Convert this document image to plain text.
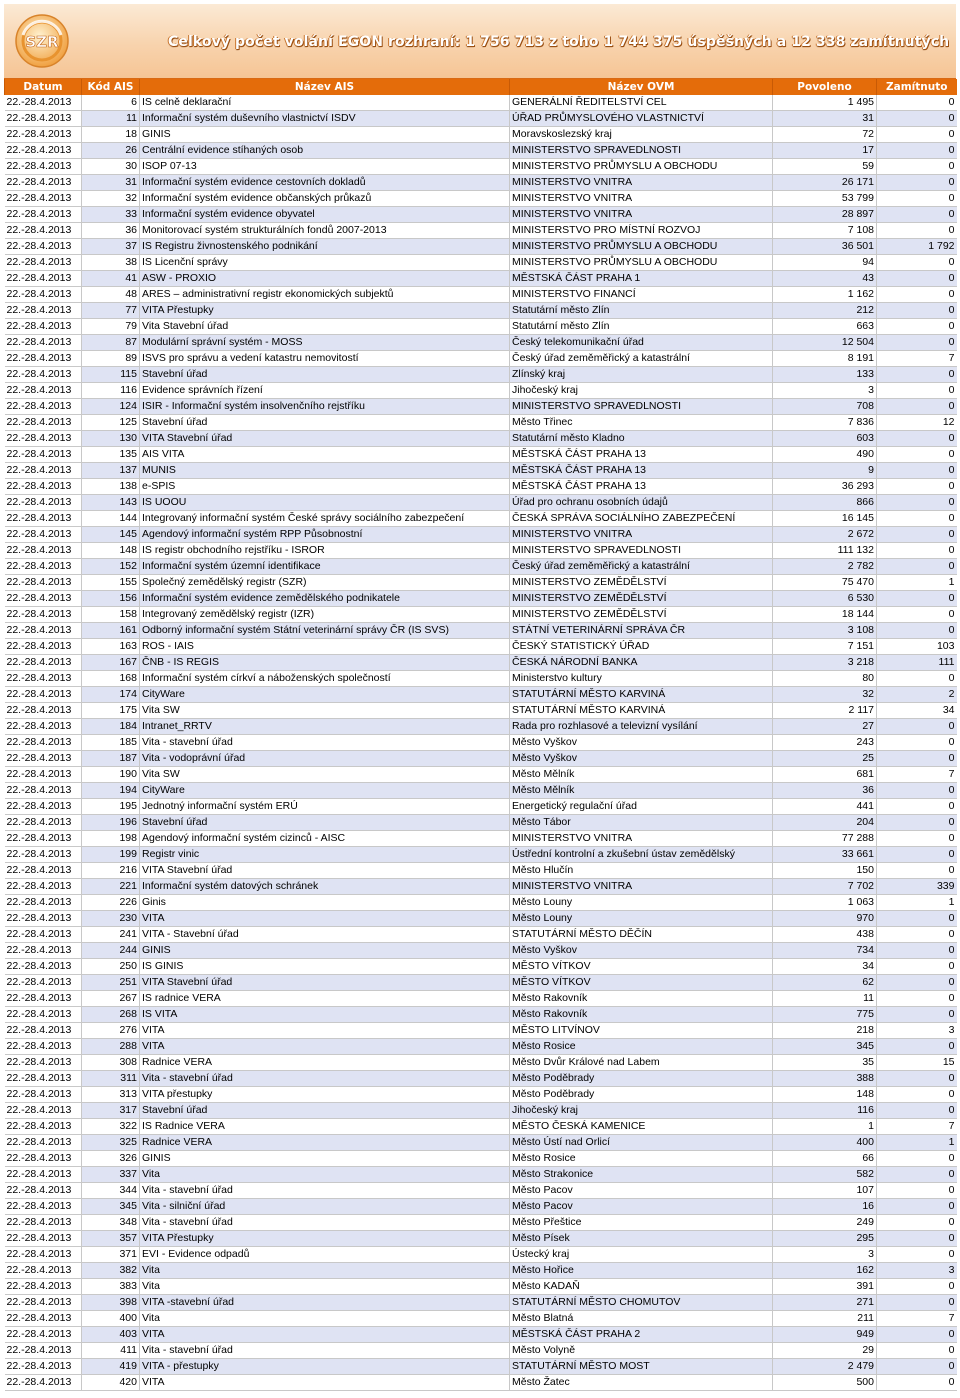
SZR	Celkový počet volání EGON rozhraní: 1 756 713 z toho 1 744 375 úspěšných a 12 338 zamítnutých
Datum	Kód AIS	Název AIS	Název OVM	Povoleno	Zamítnuto
22.-28.4.2013	6	IS celně deklarační	GENERÁLNÍ ŘEDITELSTVÍ CEL	1 495	0
22.-28.4.2013	11	Informační systém duševního vlastnictví ISDV	ÚŘAD PRŮMYSLOVÉHO VLASTNICTVÍ	31	0
22.-28.4.2013	18	GINIS	Moravskoslezský kraj	72	0
22.-28.4.2013	26	Centrální evidence stíhaných osob	MINISTERSTVO SPRAVEDLNOSTI	17	0
22.-28.4.2013	30	ISOP 07-13	MINISTERSTVO PRŮMYSLU A OBCHODU	59	0
22.-28.4.2013	31	Informační systém evidence cestovních dokladů	MINISTERSTVO VNITRA	26 171	0
22.-28.4.2013	32	Informační systém evidence občanských průkazů	MINISTERSTVO VNITRA	53 799	0
22.-28.4.2013	33	Informační systém evidence obyvatel	MINISTERSTVO VNITRA	28 897	0
22.-28.4.2013	36	Monitorovací systém strukturálních fondů 2007-2013	MINISTERSTVO PRO MÍSTNÍ ROZVOJ	7 108	0
22.-28.4.2013	37	IS Registru živnostenského podnikání	MINISTERSTVO PRŮMYSLU A OBCHODU	36 501	1 792
22.-28.4.2013	38	IS Licenční správy	MINISTERSTVO PRŮMYSLU A OBCHODU	94	0
22.-28.4.2013	41	ASW - PROXIO	MĚSTSKÁ ČÁST PRAHA 1	43	0
22.-28.4.2013	48	ARES – administrativní registr ekonomických subjektů	MINISTERSTVO FINANCÍ	1 162	0
22.-28.4.2013	77	VITA Přestupky	Statutární město Zlín	212	0
22.-28.4.2013	79	Vita Stavební úřad	Statutární město Zlín	663	0
22.-28.4.2013	87	Modulární správní systém - MOSS	Český telekomunikační úřad	12 504	0
22.-28.4.2013	89	ISVS pro správu a vedení katastru nemovitostí	Český úřad zeměměřický a katastrální	8 191	7
22.-28.4.2013	115	Stavební úřad	Zlínský kraj	133	0
22.-28.4.2013	116	Evidence správních řízení	Jihočeský kraj	3	0
22.-28.4.2013	124	ISIR - Informační systém insolvenčního rejstříku	MINISTERSTVO SPRAVEDLNOSTI	708	0
22.-28.4.2013	125	Stavební úřad	Město Třinec	7 836	12
22.-28.4.2013	130	VITA Stavební úřad	Statutární město Kladno	603	0
22.-28.4.2013	135	AIS VITA	MĚSTSKÁ ČÁST PRAHA 13	490	0
22.-28.4.2013	137	MUNIS	MĚSTSKÁ ČÁST PRAHA 13	9	0
22.-28.4.2013	138	e-SPIS	MĚSTSKÁ ČÁST PRAHA 13	36 293	0
22.-28.4.2013	143	IS UOOU	Úřad pro ochranu osobních údajů	866	0
22.-28.4.2013	144	Integrovaný informační systém České správy sociálního zabezpečení	ČESKÁ SPRÁVA SOCIÁLNÍHO ZABEZPEČENÍ	16 145	0
22.-28.4.2013	145	Agendový informační systém RPP Působnostní	MINISTERSTVO VNITRA	2 672	0
22.-28.4.2013	148	IS registr obchodního rejstříku - ISROR	MINISTERSTVO SPRAVEDLNOSTI	111 132	0
22.-28.4.2013	152	Informační systém územní identifikace	Český úřad zeměměřický a katastrální	2 782	0
22.-28.4.2013	155	Společný zemědělský registr (SZR)	MINISTERSTVO ZEMĚDĚLSTVÍ	75 470	1
22.-28.4.2013	156	Informační systém evidence zemědělského podnikatele	MINISTERSTVO ZEMĚDĚLSTVÍ	6 530	0
22.-28.4.2013	158	Integrovaný zemědělský registr (IZR)	MINISTERSTVO ZEMĚDĚLSTVÍ	18 144	0
22.-28.4.2013	161	Odborný informační systém Státní veterinární správy ČR (IS SVS)	STÁTNÍ VETERINÁRNÍ SPRÁVA ČR	3 108	0
22.-28.4.2013	163	ROS - IAIS	ČESKÝ STATISTICKÝ ÚŘAD	7 151	103
22.-28.4.2013	167	ČNB - IS REGIS	ČESKÁ NÁRODNÍ BANKA	3 218	111
22.-28.4.2013	168	Informační systém církví a náboženských společností	Ministerstvo kultury	80	0
22.-28.4.2013	174	CityWare	STATUTÁRNÍ MĚSTO KARVINÁ	32	2
22.-28.4.2013	175	Vita SW	STATUTÁRNÍ MĚSTO KARVINÁ	2 117	34
22.-28.4.2013	184	Intranet_RRTV	Rada pro rozhlasové a televizní vysílání	27	0
22.-28.4.2013	185	Vita - stavební úřad	Město Vyškov	243	0
22.-28.4.2013	187	Vita - vodoprávní úřad	Město Vyškov	25	0
22.-28.4.2013	190	Vita SW	Město Mělník	681	7
22.-28.4.2013	194	CityWare	Město Mělník	36	0
22.-28.4.2013	195	Jednotný informační systém ERÚ	Energetický regulační úřad	441	0
22.-28.4.2013	196	Stavební úřad	Město Tábor	204	0
22.-28.4.2013	198	Agendový informační systém cizinců - AISC	MINISTERSTVO VNITRA	77 288	0
22.-28.4.2013	199	Registr vinic	Ústřední kontrolní a zkušební ústav zemědělský	33 661	0
22.-28.4.2013	216	VITA Stavební úřad	Město Hlučín	150	0
22.-28.4.2013	221	Informační systém datových schránek	MINISTERSTVO VNITRA	7 702	339
22.-28.4.2013	226	Ginis	Město Louny	1 063	1
22.-28.4.2013	230	VITA	Město Louny	970	0
22.-28.4.2013	241	VITA - Stavební úřad	STATUTÁRNÍ MĚSTO DĚČÍN	438	0
22.-28.4.2013	244	GINIS	Město Vyškov	734	0
22.-28.4.2013	250	IS GINIS	MĚSTO VÍTKOV	34	0
22.-28.4.2013	251	VITA Stavební úřad	MĚSTO VÍTKOV	62	0
22.-28.4.2013	267	IS radnice VERA	Město Rakovník	11	0
22.-28.4.2013	268	IS VITA	Město Rakovník	775	0
22.-28.4.2013	276	VITA	MĚSTO LITVÍNOV	218	3
22.-28.4.2013	288	VITA	Město Rosice	345	0
22.-28.4.2013	308	Radnice VERA	Město Dvůr Králové nad Labem	35	15
22.-28.4.2013	311	Vita - stavební úřad	Město Poděbrady	388	0
22.-28.4.2013	313	VITA přestupky	Město Poděbrady	148	0
22.-28.4.2013	317	Stavební úřad	Jihočeský kraj	116	0
22.-28.4.2013	322	IS Radnice VERA	MĚSTO ČESKÁ KAMENICE	1	7
22.-28.4.2013	325	Radnice VERA	Město Ústí nad Orlicí	400	1
22.-28.4.2013	326	GINIS	Město Rosice	66	0
22.-28.4.2013	337	Vita	Město Strakonice	582	0
22.-28.4.2013	344	Vita - stavební úřad	Město Pacov	107	0
22.-28.4.2013	345	Vita - silniční úřad	Město Pacov	16	0
22.-28.4.2013	348	Vita - stavební úřad	Město Přeštice	249	0
22.-28.4.2013	357	VITA Přestupky	Město Písek	295	0
22.-28.4.2013	371	EVI - Evidence odpadů	Ústecký kraj	3	0
22.-28.4.2013	382	Vita	Město Hořice	162	3
22.-28.4.2013	383	Vita	Město KADAŇ	391	0
22.-28.4.2013	398	VITA -stavební úřad	STATUTÁRNÍ MĚSTO CHOMUTOV	271	0
22.-28.4.2013	400	Vita	Město Blatná	211	7
22.-28.4.2013	403	VITA	MĚSTSKÁ ČÁST PRAHA 2	949	0
22.-28.4.2013	411	Vita - stavební úřad	Město Volyně	29	0
22.-28.4.2013	419	VITA - přestupky	STATUTÁRNÍ MĚSTO MOST	2 479	0
22.-28.4.2013	420	VITA	Město Žatec	500	0
